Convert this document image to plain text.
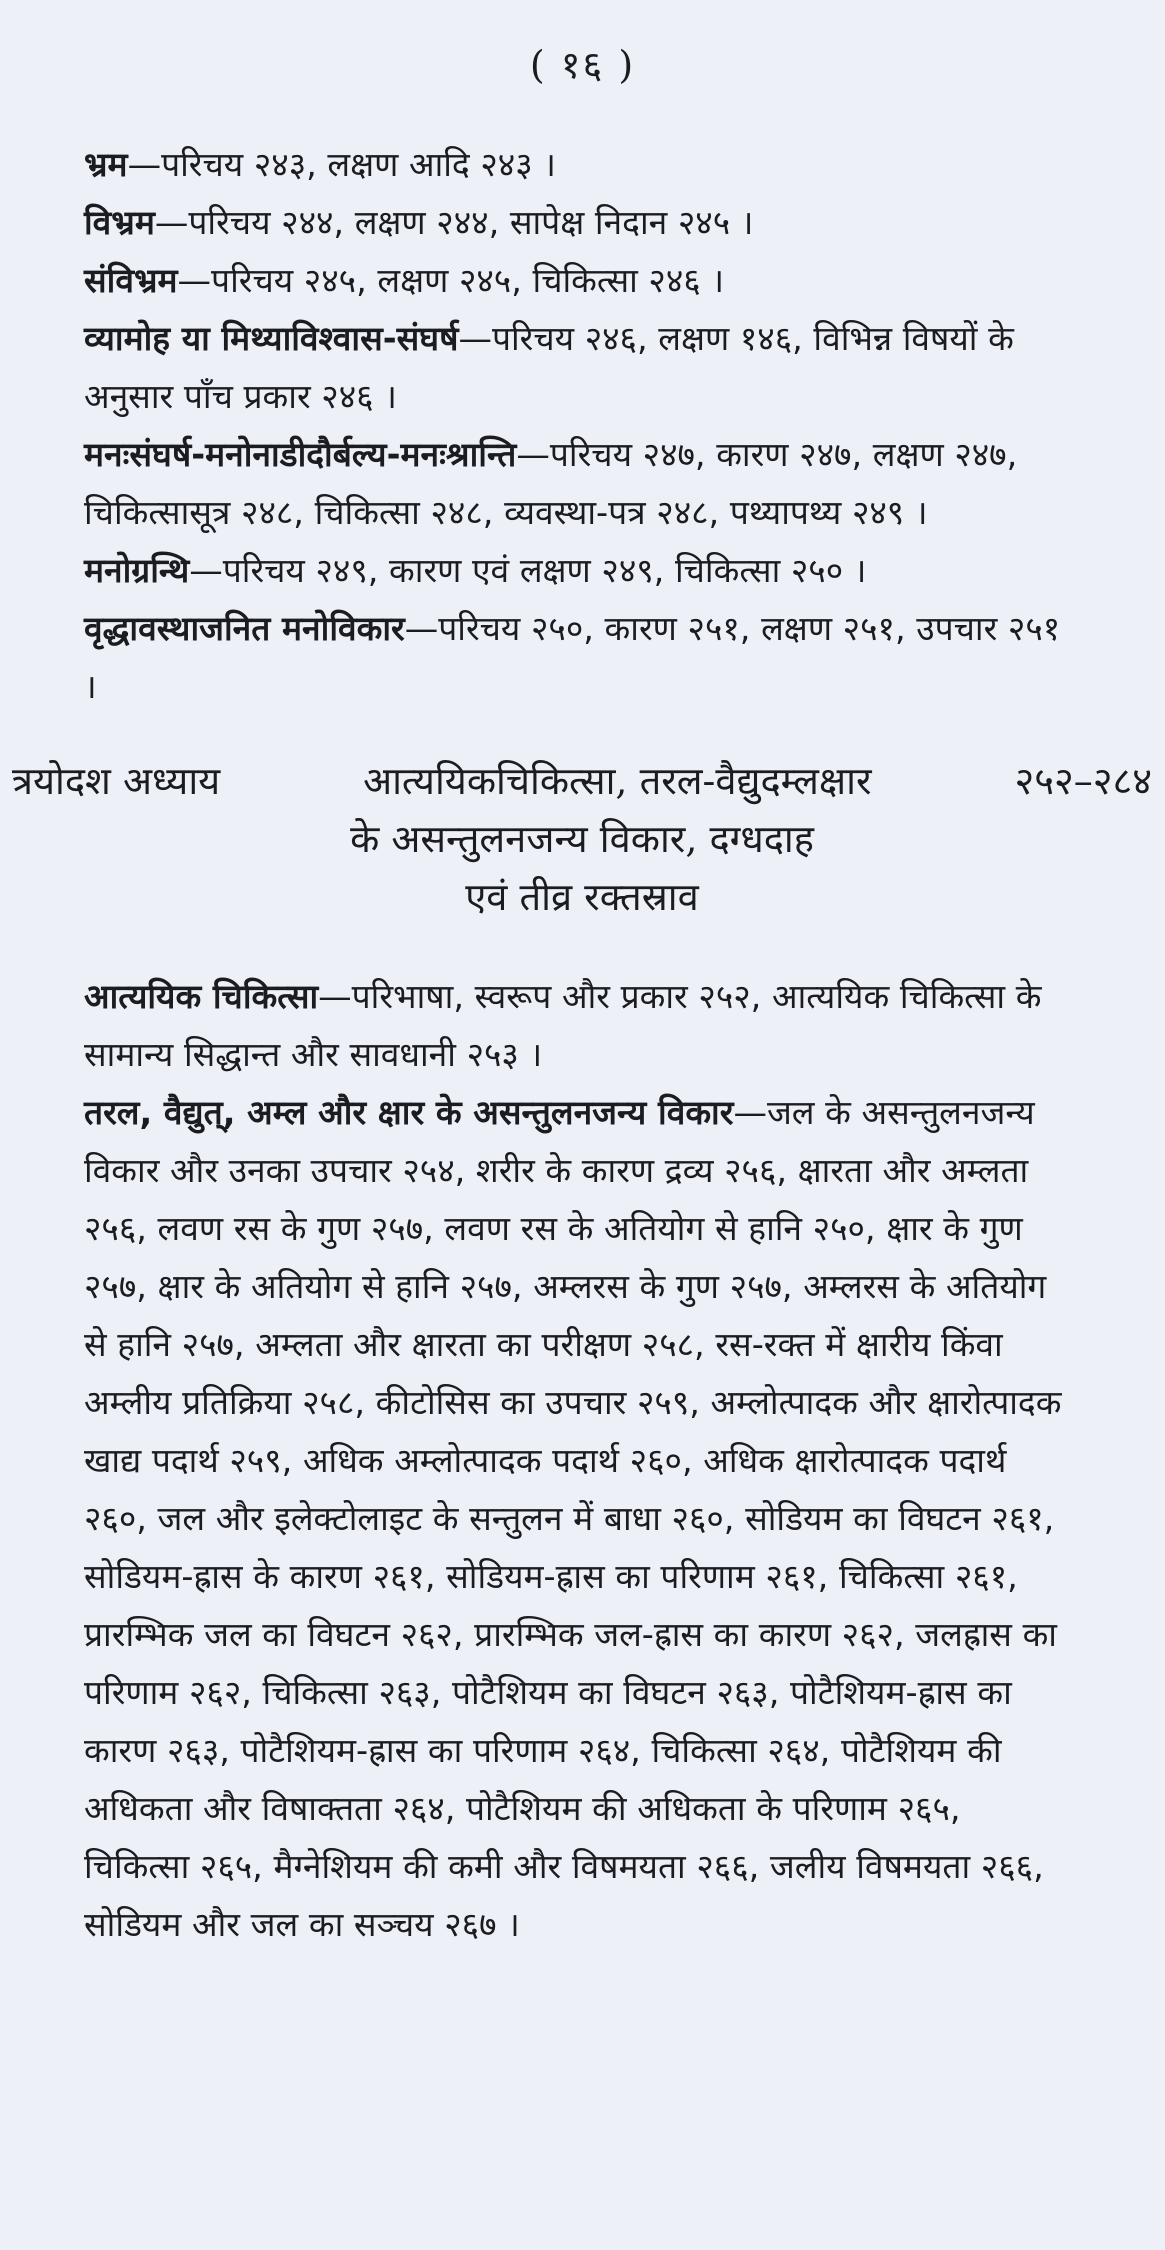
( १६ )

भ्रम—परिचय २४३, लक्षण आदि २४३ ।

विभ्रम—परिचय २४४, लक्षण २४४, सापेक्ष निदान २४५ ।

संविभ्रम—परिचय २४५, लक्षण २४५, चिकित्सा २४६ ।

व्यामोह या मिथ्याविश्वास-संघर्ष—परिचय २४६, लक्षण १४६, विभिन्न विषयों के अनुसार पाँच प्रकार २४६ ।

मनःसंघर्ष-मनोनाडीदौर्बल्य-मनःश्रान्ति—परिचय २४७, कारण २४७, लक्षण २४७, चिकित्सासूत्र २४८, चिकित्सा २४८, व्यवस्था-पत्र २४८, पथ्यापथ्य २४९ ।

मनोग्रन्थि—परिचय २४९, कारण एवं लक्षण २४९, चिकित्सा २५० ।

वृद्धावस्थाजनित मनोविकार—परिचय २५०, कारण २५१, लक्षण २५१, उपचार २५१ ।

त्रयोदश अध्याय	आत्ययिकचिकित्सा, तरल-वैद्युदम्लक्षार	२५२–२८४
के असन्तुलनजन्य विकार, दग्धदाह
एवं तीव्र रक्तस्राव

आत्ययिक चिकित्सा—परिभाषा, स्वरूप और प्रकार २५२, आत्ययिक चिकित्सा के सामान्य सिद्धान्त और सावधानी २५३ ।

तरल, वैद्युत्, अम्ल और क्षार के असन्तुलनजन्य विकार—जल के असन्तुलनजन्य विकार और उनका उपचार २५४, शरीर के कारण द्रव्य २५६, क्षारता और अम्लता २५६, लवण रस के गुण २५७, लवण रस के अतियोग से हानि २५०, क्षार के गुण २५७, क्षार के अतियोग से हानि २५७, अम्लरस के गुण २५७, अम्लरस के अतियोग से हानि २५७, अम्लता और क्षारता का परीक्षण २५८, रस-रक्त में क्षारीय किंवा अम्लीय प्रतिक्रिया २५८, कीटोसिस का उपचार २५९, अम्लोत्पादक और क्षारोत्पादक खाद्य पदार्थ २५९, अधिक अम्लोत्पादक पदार्थ २६०, अधिक क्षारोत्पादक पदार्थ २६०, जल और इलेक्टोलाइट के सन्तुलन में बाधा २६०, सोडियम का विघटन २६१, सोडियम-ह्रास के कारण २६१, सोडियम-ह्रास का परिणाम २६१, चिकित्सा २६१, प्रारम्भिक जल का विघटन २६२, प्रारम्भिक जल-ह्रास का कारण २६२, जलह्रास का परिणाम २६२, चिकित्सा २६३, पोटैशियम का विघटन २६३, पोटैशियम-ह्रास का कारण २६३, पोटैशियम-ह्रास का परिणाम २६४, चिकित्सा २६४, पोटैशियम की अधिकता और विषाक्तता २६४, पोटैशियम की अधिकता के परिणाम २६५, चिकित्सा २६५, मैग्नेशियम की कमी और विषमयता २६६, जलीय विषमयता २६६, सोडियम और जल का सञ्चय २६७ ।
